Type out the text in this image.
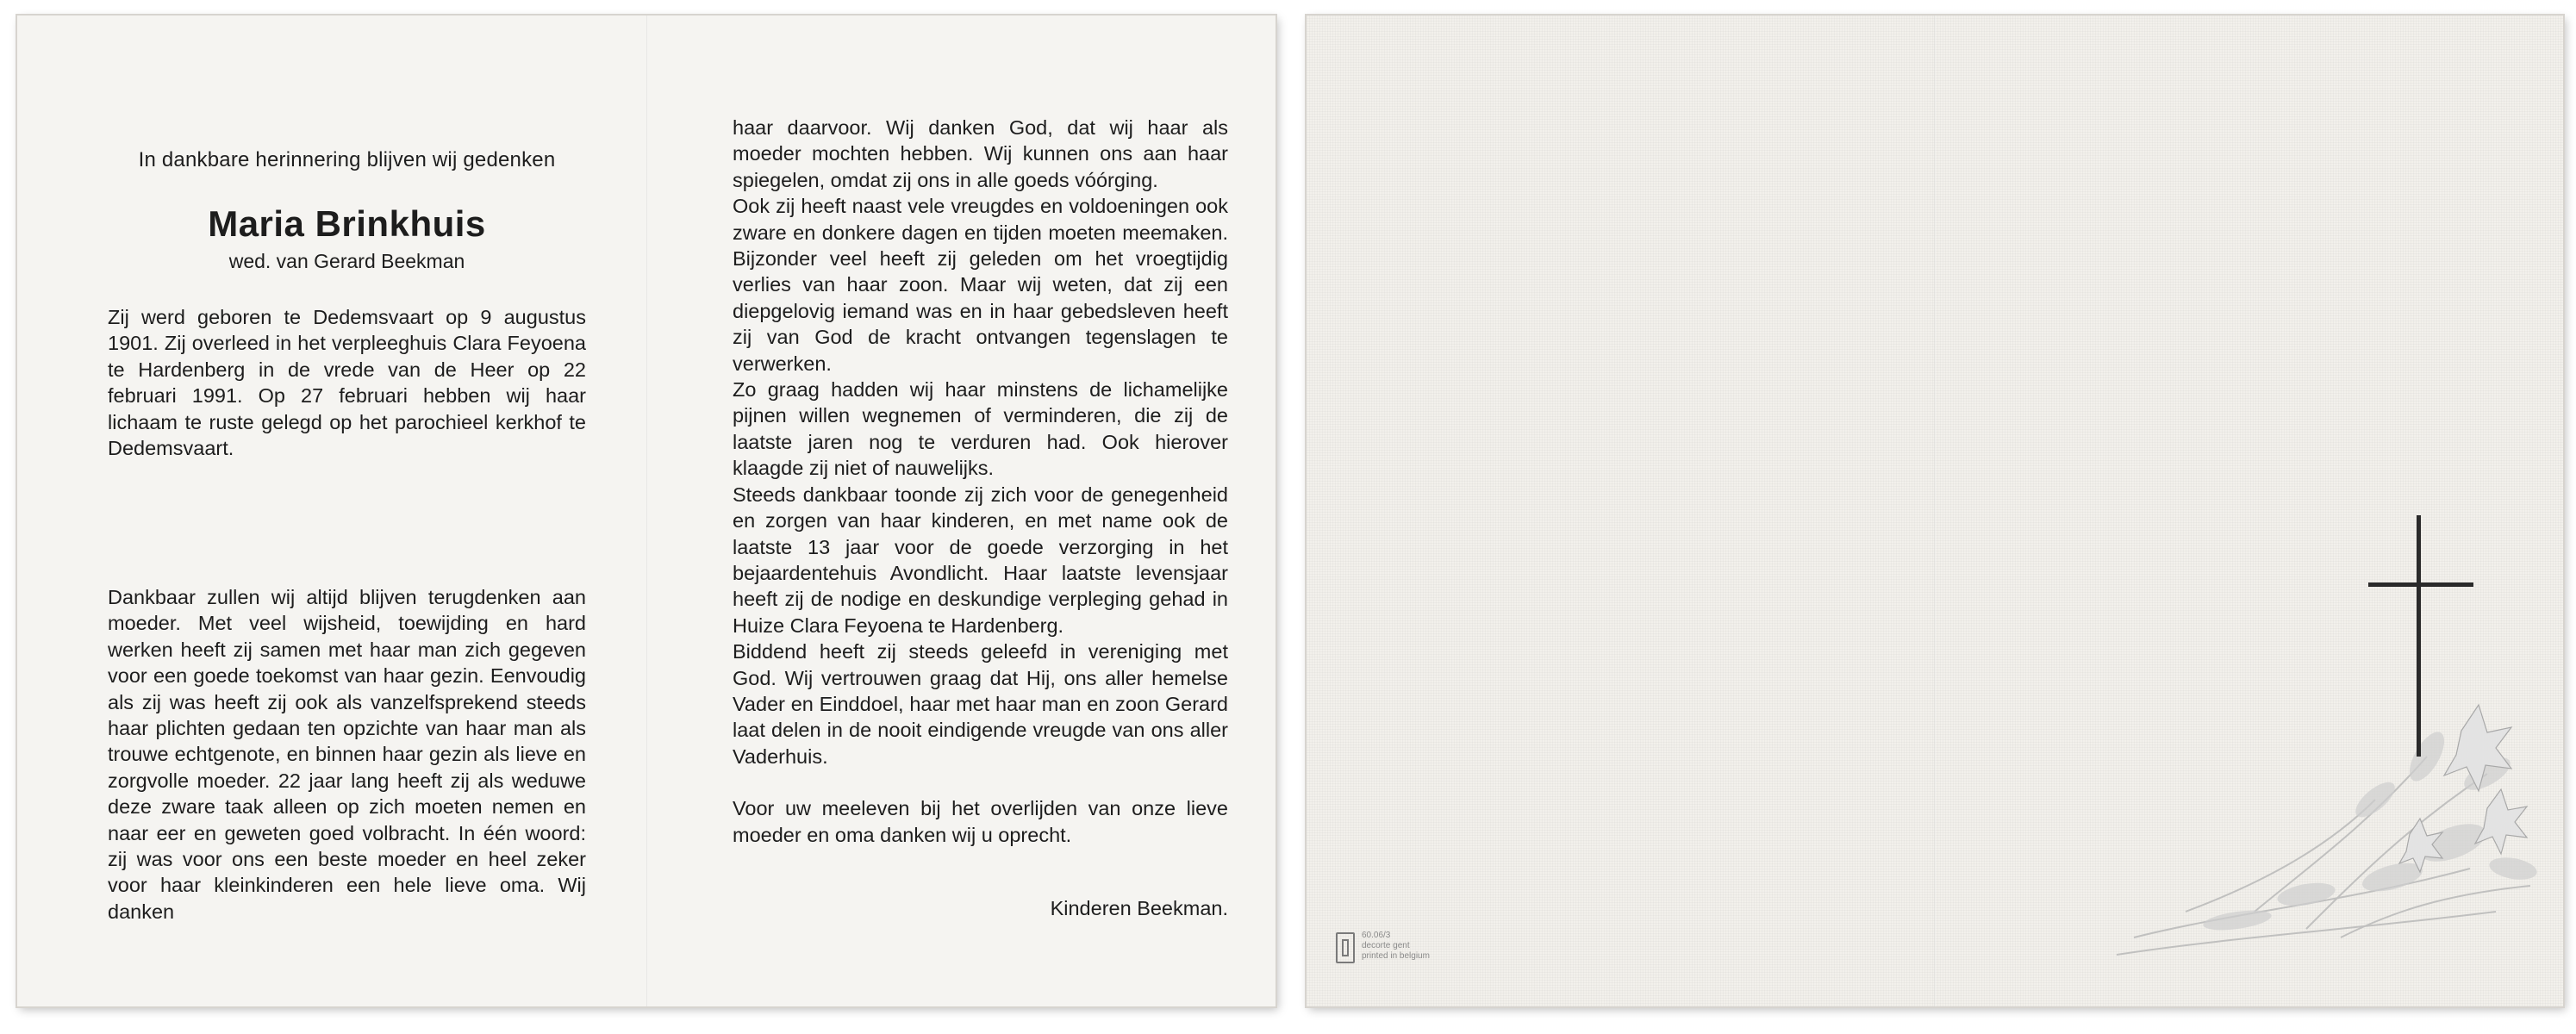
In dankbare herinnering blijven wij gedenken
Maria Brinkhuis
wed. van Gerard Beekman

Zij werd geboren te Dedemsvaart op 9 augustus 1901. Zij overleed in het verpleeghuis Clara Feyoena te Hardenberg in de vrede van de Heer op 22 februari 1991. Op 27 februari hebben wij haar lichaam te ruste gelegd op het parochieel kerkhof te Dedemsvaart.

Dankbaar zullen wij altijd blijven terugdenken aan moeder. Met veel wijsheid, toewijding en hard werken heeft zij samen met haar man zich gegeven voor een goede toekomst van haar gezin. Eenvoudig als zij was heeft zij ook als vanzelfsprekend steeds haar plichten gedaan ten opzichte van haar man als trouwe echtgenote, en binnen haar gezin als lieve en zorgvolle moeder. 22 jaar lang heeft zij als weduwe deze zware taak alleen op zich moeten nemen en naar eer en geweten goed volbracht. In één woord: zij was voor ons een beste moeder en heel zeker voor haar kleinkinderen een hele lieve oma. Wij danken

haar daarvoor. Wij danken God, dat wij haar als moeder mochten hebben. Wij kunnen ons aan haar spiegelen, omdat zij ons in alle goeds vóórging.

Ook zij heeft naast vele vreugdes en voldoeningen ook zware en donkere dagen en tijden moeten meemaken. Bijzonder veel heeft zij geleden om het vroegtijdig verlies van haar zoon. Maar wij weten, dat zij een diepgelovig iemand was en in haar gebedsleven heeft zij van God de kracht ontvangen tegenslagen te verwerken.

Zo graag hadden wij haar minstens de lichamelijke pijnen willen wegnemen of verminderen, die zij de laatste jaren nog te verduren had. Ook hierover klaagde zij niet of nauwelijks.

Steeds dankbaar toonde zij zich voor de genegenheid en zorgen van haar kinderen, en met name ook de laatste 13 jaar voor de goede verzorging in het bejaardentehuis Avondlicht. Haar laatste levensjaar heeft zij de nodige en deskundige verpleging gehad in Huize Clara Feyoena te Hardenberg.

Biddend heeft zij steeds geleefd in vereniging met God. Wij vertrouwen graag dat Hij, ons aller hemelse Vader en Einddoel, haar met haar man en zoon Gerard laat delen in de nooit eindigende vreugde van ons aller Vaderhuis.

Voor uw meeleven bij het overlijden van onze lieve moeder en oma danken wij u oprecht.

Kinderen Beekman.
60.06/3
decorte gent
printed in belgium
